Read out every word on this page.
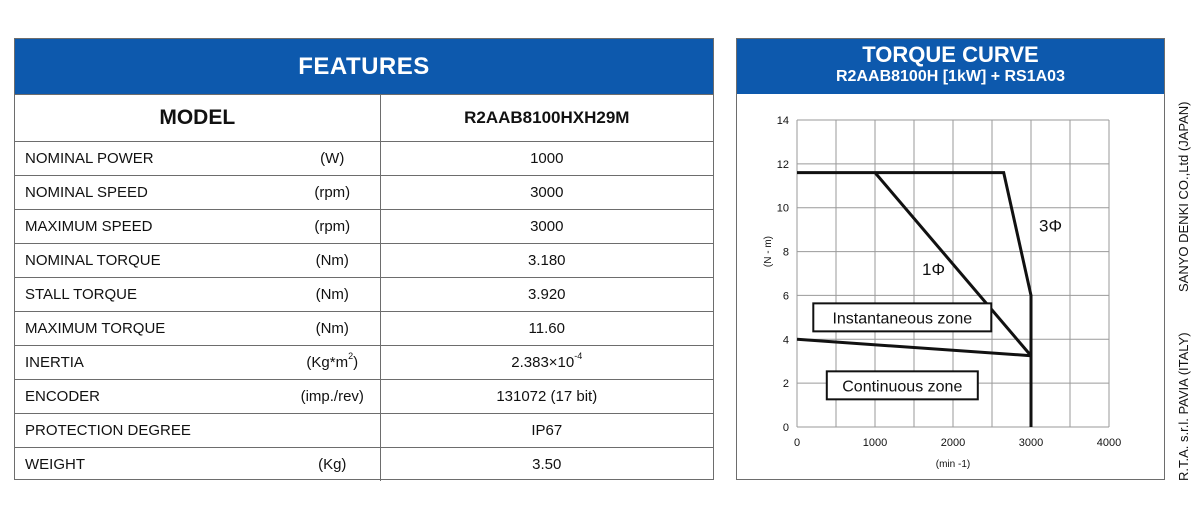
FEATURES
MODEL		R2AAB8100HXH29M
NOMINAL POWER	(W)	1000
NOMINAL SPEED	(rpm)	3000
MAXIMUM SPEED	(rpm)	3000
NOMINAL TORQUE	(Nm)	3.180
STALL TORQUE	(Nm)	3.920
MAXIMUM TORQUE	(Nm)	11.60
INERTIA	$(Kg*m^2)$	$2.383\times 10^{-4}$
ENCODER	(imp./rev)	131072 (17 bit)
PROTECTION DEGREE		IP67
WEIGHT	(Kg)	3.50
TORQUE CURVE
R2AAB8100H [1kW] + RS1A03
0
2
4
6
8
10
12
14
0	1000	2000	3000	4000
(min -1)
(N - m)
3Φ
1Φ
Instantaneous zone
Continuous zone	R.T.A. s.r.l. PAVIA (ITALY)
SANYO DENKI CO.,Ltd (JAPAN)
